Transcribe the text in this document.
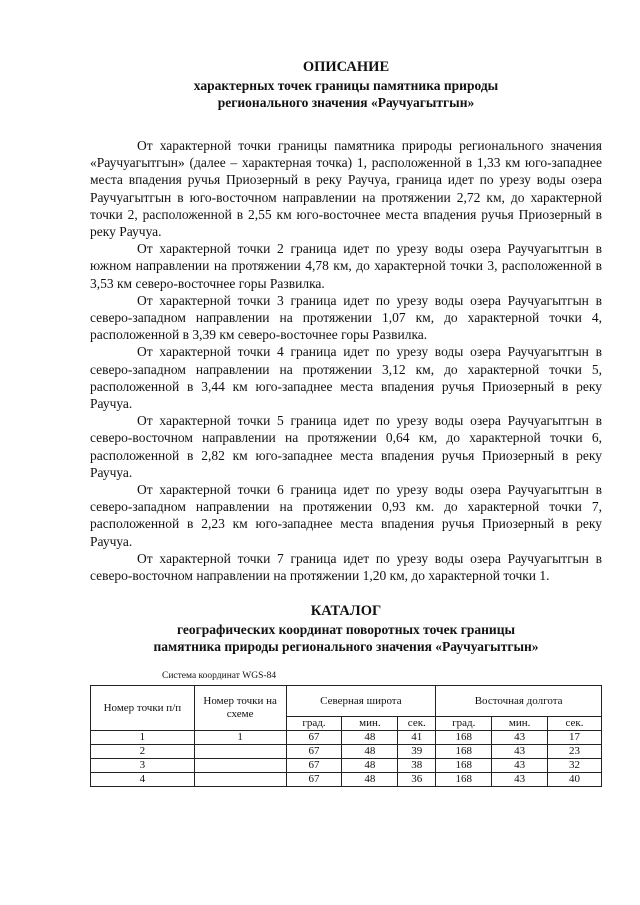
ОПИСАНИЕ

характерных точек границы памятника природы

регионального значения «Раучуагытгын»

От характерной точки границы памятника природы регионального значения «Раучуагытгын» (далее – характерная точка) 1, расположенной в 1,33 км юго-западнее места впадения ручья Приозерный в реку Раучуа, граница идет по урезу воды озера Раучуагытгын в юго-восточном направлении на протяжении 2,72 км, до характерной точки 2, расположенной в 2,55 км юго-восточнее места впадения ручья Приозерный в реку Раучуа.

От характерной точки 2 граница идет по урезу воды озера Раучуагытгын в южном направлении на протяжении 4,78 км, до характерной точки 3, расположенной в 3,53 км северо-восточнее горы Развилка.

От характерной точки 3 граница идет по урезу воды озера Раучуагытгын в северо-западном направлении на протяжении 1,07 км, до характерной точки 4, расположенной в 3,39 км северо-восточнее горы Развилка.

От характерной точки 4 граница идет по урезу воды озера Раучуагытгын в северо-западном направлении на протяжении 3,12 км, до характерной точки 5, расположенной в 3,44 км юго-западнее места впадения ручья Приозерный в реку Раучуа.

От характерной точки 5 граница идет по урезу воды озера Раучуагытгын в северо-восточном направлении на протяжении 0,64 км, до характерной точки 6, расположенной в 2,82 км юго-западнее места впадения ручья Приозерный в реку Раучуа.

От характерной точки 6 граница идет по урезу воды озера Раучуагытгын в северо-западном направлении на протяжении 0,93 км. до характерной точки 7, расположенной в 2,23 км юго-западнее места впадения ручья Приозерный в реку Раучуа.

От характерной точки 7 граница идет по урезу воды озера Раучуагытгын в северо-восточном направлении на протяжении 1,20 км, до характерной точки 1.

КАТАЛОГ

географических координат поворотных точек границы

памятника природы регионального значения «Раучуагытгын»

Система координат WGS-84

Номер точки п/п	Номер точки на схеме	Северная широта			Восточная долгота		
		град.	мин.	сек.	град.	мин.	сек.
1	1	67	48	41	168	43	17
2		67	48	39	168	43	23
3		67	48	38	168	43	32
4		67	48	36	168	43	40
